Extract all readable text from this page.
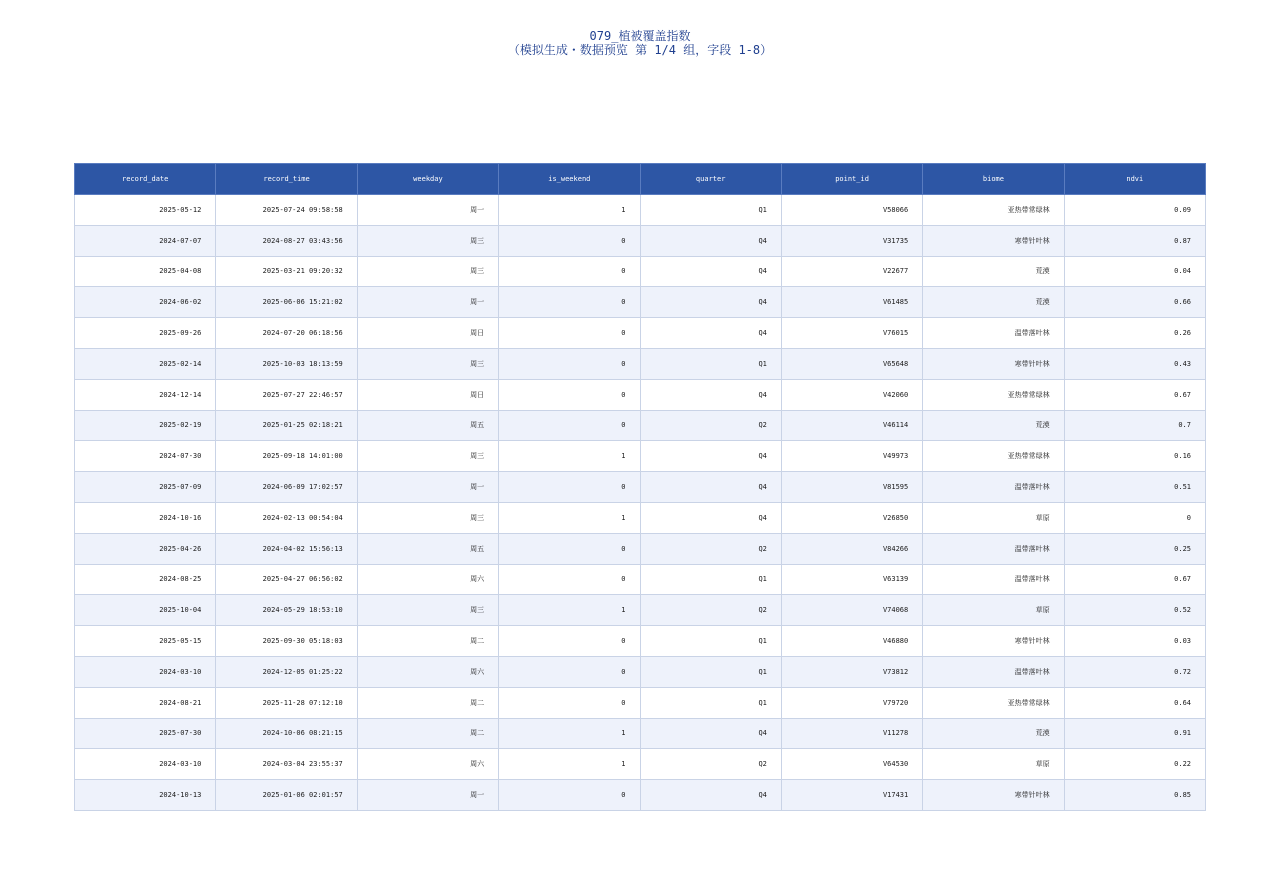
079_植被覆盖指数
（模拟生成・数据预览 第 1/4 组，字段 1-8）
record_date	record_time	weekday	is_weekend	quarter	point_id	biome	ndvi
2025-05-12	2025-07-24 09:58:58	周一	1	Q1	V58066	亚热带常绿林	0.09
2024-07-07	2024-08-27 03:43:56	周三	0	Q4	V31735	寒带针叶林	0.87
2025-04-08	2025-03-21 09:20:32	周三	0	Q4	V22677	荒漠	0.04
2024-06-02	2025-06-06 15:21:02	周一	0	Q4	V61485	荒漠	0.66
2025-09-26	2024-07-20 06:18:56	周日	0	Q4	V76015	温带落叶林	0.26
2025-02-14	2025-10-03 18:13:59	周三	0	Q1	V65648	寒带针叶林	0.43
2024-12-14	2025-07-27 22:46:57	周日	0	Q4	V42060	亚热带常绿林	0.67
2025-02-19	2025-01-25 02:18:21	周五	0	Q2	V46114	荒漠	0.7
2024-07-30	2025-09-18 14:01:00	周三	1	Q4	V49973	亚热带常绿林	0.16
2025-07-09	2024-06-09 17:02:57	周一	0	Q4	V81595	温带落叶林	0.51
2024-10-16	2024-02-13 00:54:04	周三	1	Q4	V26850	草原	0
2025-04-26	2024-04-02 15:56:13	周五	0	Q2	V84266	温带落叶林	0.25
2024-08-25	2025-04-27 06:56:02	周六	0	Q1	V63139	温带落叶林	0.67
2025-10-04	2024-05-29 18:53:10	周三	1	Q2	V74068	草原	0.52
2025-05-15	2025-09-30 05:18:03	周二	0	Q1	V46880	寒带针叶林	0.03
2024-03-10	2024-12-05 01:25:22	周六	0	Q1	V73812	温带落叶林	0.72
2024-08-21	2025-11-28 07:12:10	周二	0	Q1	V79720	亚热带常绿林	0.64
2025-07-30	2024-10-06 08:21:15	周二	1	Q4	V11278	荒漠	0.91
2024-03-10	2024-03-04 23:55:37	周六	1	Q2	V64530	草原	0.22
2024-10-13	2025-01-06 02:01:57	周一	0	Q4	V17431	寒带针叶林	0.85
